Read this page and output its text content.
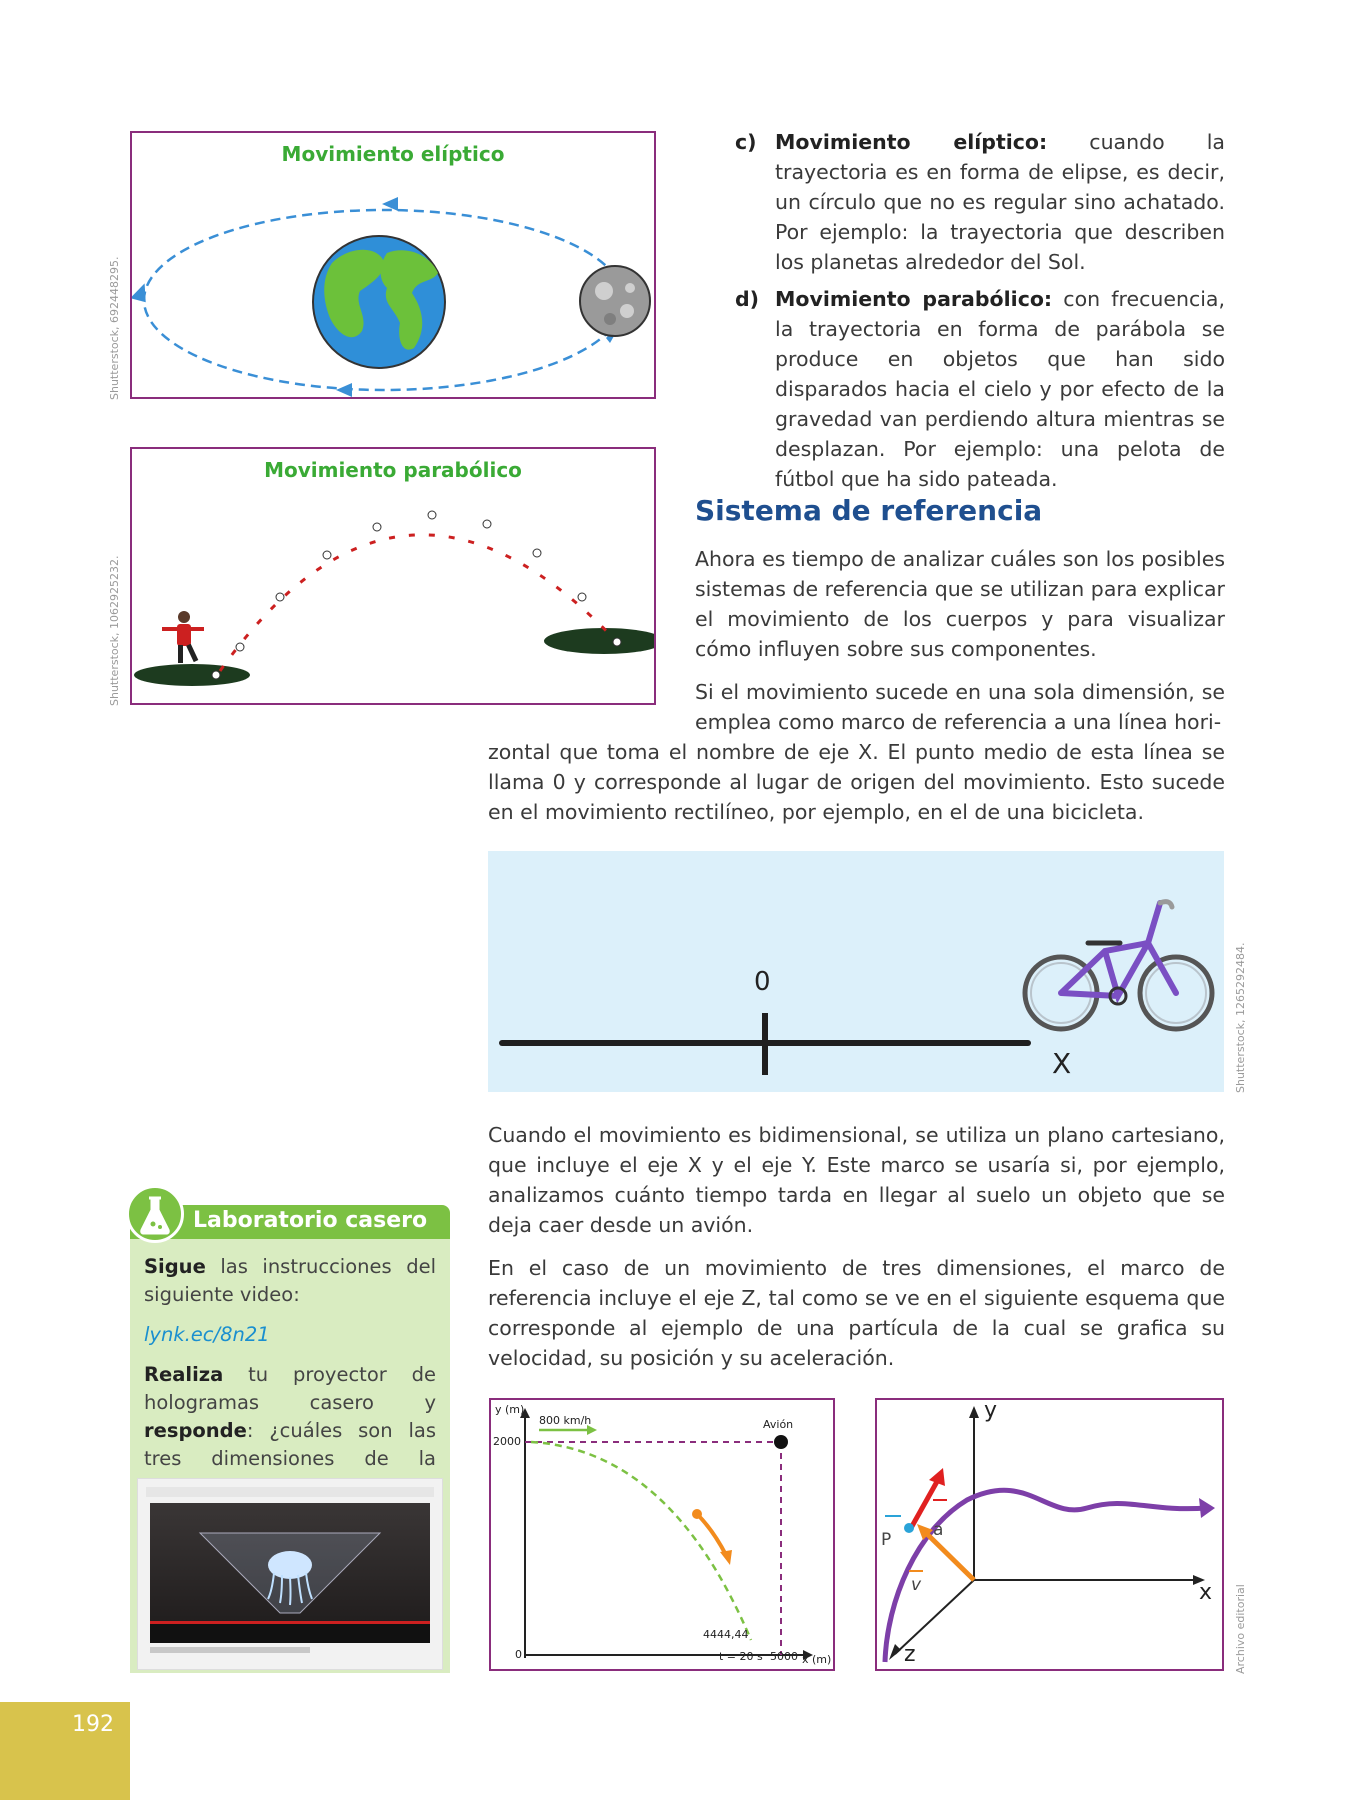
Movimiento elíptico
Shutterstock, 692448295.
Movimiento parabólico
Shutterstock, 1062925232.
c) Movimiento elíptico: cuando la trayectoria es en forma de elipse, es decir, un círculo que no es regular sino achatado. Por ejemplo: la trayectoria que describen los planetas alrededor del Sol.
d) Movimiento parabólico: con frecuencia, la trayectoria en forma de parábola se produce en objetos que han sido disparados hacia el cielo y por efecto de la gravedad van perdiendo altura mientras se desplazan. Por ejemplo: una pelota de fútbol que ha sido pateada.
Sistema de referencia
Ahora es tiempo de analizar cuáles son los posibles sistemas de referencia que se utilizan para explicar el movimiento de los cuerpos y para visualizar cómo influyen sobre sus componentes.
Si el movimiento sucede en una sola dimensión, se emplea como marco de referencia a una línea hori-
zontal que toma el nombre de eje X. El punto medio de esta línea se llama 0 y corresponde al lugar de origen del movimiento. Esto sucede en el movimiento rectilíneo, por ejemplo, en el de una bicicleta.
0
X	Shutterstock, 1265292484.
Cuando el movimiento es bidimensional, se utiliza un plano cartesiano, que incluye el eje X y el eje Y. Este marco se usaría si, por ejemplo, analizamos cuánto tiempo tarda en llegar al suelo un objeto que se deja caer desde un avión.
En el caso de un movimiento de tres dimensiones, el marco de referencia incluye el eje Z, tal como se ve en el siguiente esquema que corresponde al ejemplo de una partícula de la cual se grafica su velocidad, su posición y su aceleración.
Laboratorio casero
Sigue las instrucciones del siguiente video:
lynk.ec/8n21
Realiza tu proyector de hologramas casero y responde: ¿cuáles son las tres dimensiones de la
y (m)
2000
800 km/h	Avión
0
4444,44
t = 20 s 5000 x (m)
y
x
z
a
P
v	Archivo editorial
192
